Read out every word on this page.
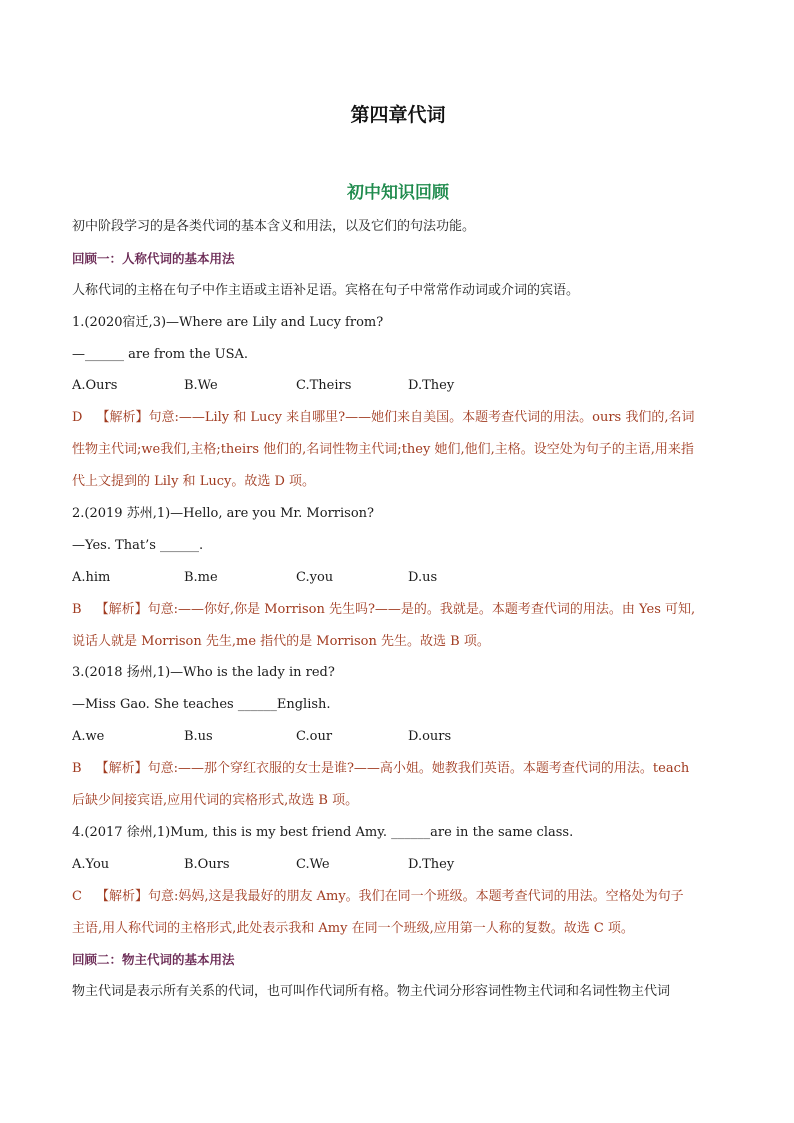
第四章代词
初中知识回顾
初中阶段学习的是各类代词的基本含义和用法，以及它们的句法功能。
回顾一：人称代词的基本用法
人称代词的主格在句子中作主语或主语补足语。宾格在句子中常常作动词或介词的宾语。
1.(2020宿迁,3)—Where are Lily and Lucy from?
—______ are from the USA.
A.Ours	B.We	C.Theirs	D.They
D 【解析】句意:——Lily 和 Lucy 来自哪里?——她们来自美国。本题考查代词的用法。ours 我们的,名词
性物主代词;we我们,主格;theirs 他们的,名词性物主代词;they 她们,他们,主格。设空处为句子的主语,用来指
代上文提到的 Lily 和 Lucy。故选 D 项。
2.(2019 苏州,1)—Hello, are you Mr. Morrison?
—Yes. That’s ______.
A.him	B.me	C.you	D.us
B 【解析】句意:——你好,你是 Morrison 先生吗?——是的。我就是。本题考查代词的用法。由 Yes 可知,
说话人就是 Morrison 先生,me 指代的是 Morrison 先生。故选 B 项。
3.(2018 扬州,1)—Who is the lady in red?
—Miss Gao. She teaches ______English.
A.we	B.us	C.our	D.ours
B 【解析】句意:——那个穿红衣服的女士是谁?——高小姐。她教我们英语。本题考查代词的用法。teach
后缺少间接宾语,应用代词的宾格形式,故选 B 项。
4.(2017 徐州,1)Mum, this is my best friend Amy. ______are in the same class.
A.You	B.Ours	C.We	D.They
C 【解析】句意:妈妈,这是我最好的朋友 Amy。我们在同一个班级。本题考查代词的用法。空格处为句子
主语,用人称代词的主格形式,此处表示我和 Amy 在同一个班级,应用第一人称的复数。故选 C 项。
回顾二：物主代词的基本用法
物主代词是表示所有关系的代词，也可叫作代词所有格。物主代词分形容词性物主代词和名词性物主代词
